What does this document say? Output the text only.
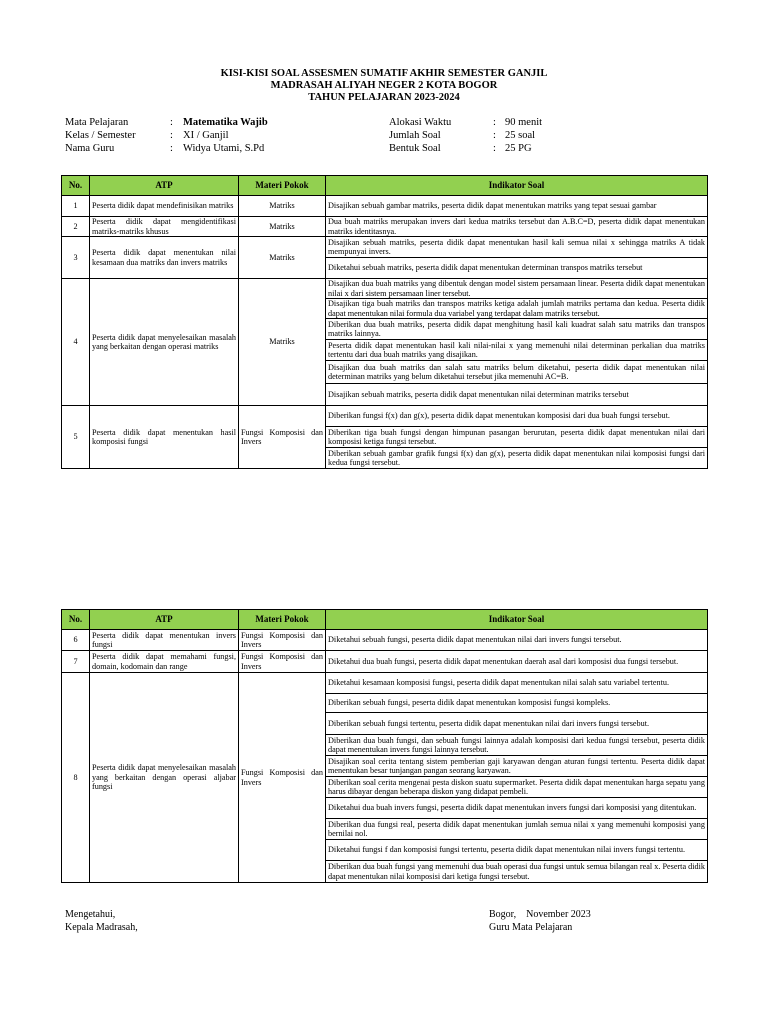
KISI-KISI SOAL ASSESMEN SUMATIF AKHIR SEMESTER GANJIL
MADRASAH ALIYAH NEGER 2 KOTA BOGOR
TAHUN PELAJARAN 2023-2024
Mata Pelajaran	: Matematika Wajib
Kelas / Semester	: XI / Ganjil
Nama Guru	: Widya Utami, S.Pd
Alokasi Waktu	: 90 menit
Jumlah Soal	: 25 soal
Bentuk Soal	: 25 PG
No.	ATP	Materi Pokok	Indikator Soal
1	Peserta didik dapat mendefinisikan matriks	Matriks	Disajikan sebuah gambar matriks, peserta didik dapat menentukan matriks yang tepat sesuai gambar
2	Peserta didik dapat mengidentifikasi matriks-matriks khusus	Matriks	Dua buah matriks merupakan invers dari kedua matriks tersebut dan A.B.C=D, peserta didik dapat menentukan matriks identitasnya.
3	Peserta didik dapat menentukan nilai kesamaan dua matriks dan invers matriks	Matriks	Disajikan sebuah matriks, peserta didik dapat menentukan hasil kali semua nilai x sehingga matriks A tidak mempunyai invers.
			Diketahui sebuah matriks, peserta didik dapat menentukan determinan transpos matriks tersebut
4	Peserta didik dapat menyelesaikan masalah yang berkaitan dengan operasi matriks	Matriks	Disajikan dua buah matriks yang dibentuk dengan model sistem persamaan linear. Peserta didik dapat menentukan nilai x dari sistem persamaan liner tersebut.
			Disajikan tiga buah matriks dan transpos matriks ketiga adalah jumlah matriks pertama dan kedua. Peserta didik dapat menentukan nilai formula dua variabel yang terdapat dalam matriks tersebut.
			Diberikan dua buah matriks, peserta didik dapat menghitung hasil kali kuadrat salah satu matriks dan transpos matriks lainnya.
			Peserta didik dapat menentukan hasil kali nilai-nilai x yang memenuhi nilai determinan perkalian dua matriks tertentu dari dua buah matriks yang disajikan.
			Disajikan dua buah matriks dan salah satu matriks belum diketahui, peserta didik dapat menentukan nilai determinan matriks yang belum diketahui tersebut jika memenuhi AC=B.
			Disajikan sebuah matriks, peserta didik dapat menentukan nilai determinan matriks tersebut
5	Peserta didik dapat menentukan hasil komposisi fungsi	Fungsi Komposisi dan Invers	Diberikan fungsi f(x) dan g(x), peserta didik dapat menentukan komposisi dari dua buah fungsi tersebut.
			Diberikan tiga buah fungsi dengan himpunan pasangan berurutan, peserta didik dapat menentukan nilai dari komposisi ketiga fungsi tersebut.
			Diberikan sebuah gambar grafik fungsi f(x) dan g(x), peserta didik dapat menentukan nilai komposisi fungsi dari kedua fungsi tersebut.
No.	ATP	Materi Pokok	Indikator Soal
6	Peserta didik dapat menentukan invers fungsi	Fungsi Komposisi dan Invers	Diketahui sebuah fungsi, peserta didik dapat menentukan nilai dari invers fungsi tersebut.
7	Peserta didik dapat memahami fungsi, domain, kodomain dan range	Fungsi Komposisi dan Invers	Diketahui dua buah fungsi, peserta didik dapat menentukan daerah asal dari komposisi dua fungsi tersebut.
8	Peserta didik dapat menyelesaikan masalah yang berkaitan dengan operasi aljabar fungsi	Fungsi Komposisi dan Invers	Diketahui kesamaan komposisi fungsi, peserta didik dapat menentukan nilai salah satu variabel tertentu.
			Diberikan sebuah fungsi, peserta didik dapat menentukan komposisi fungsi kompleks.
			Diberikan sebuah fungsi tertentu, peserta didik dapat menentukan nilai dari invers fungsi tersebut.
			Diberikan dua buah fungsi, dan sebuah fungsi lainnya adalah komposisi dari kedua fungsi tersebut, peserta didik dapat menentukan invers fungsi lainnya tersebut.
			Disajikan soal cerita tentang sistem pemberian gaji karyawan dengan aturan fungsi tertentu. Peserta didik dapat menentukan besar tunjangan pangan seorang karyawan.
			Diberikan soal cerita mengenai pesta diskon suatu supermarket. Peserta didik dapat menentukan harga sepatu yang harus dibayar dengan beberapa diskon yang didapat pembeli.
			Diketahui dua buah invers fungsi, peserta didik dapat menentukan invers fungsi dari komposisi yang ditentukan.
			Diberikan dua fungsi real, peserta didik dapat menentukan jumlah semua nilai x yang memenuhi komposisi yang bernilai nol.
			Diketahui fungsi f dan komposisi fungsi tertentu, peserta didik dapat menentukan nilai invers fungsi tertentu.
			Diberikan dua buah fungsi yang memenuhi dua buah operasi dua fungsi untuk semua bilangan real x. Peserta didik dapat menentukan nilai komposisi dari ketiga fungsi tersebut.
Mengetahui,
Kepala Madrasah,
Bogor,    November 2023
Guru Mata Pelajaran
